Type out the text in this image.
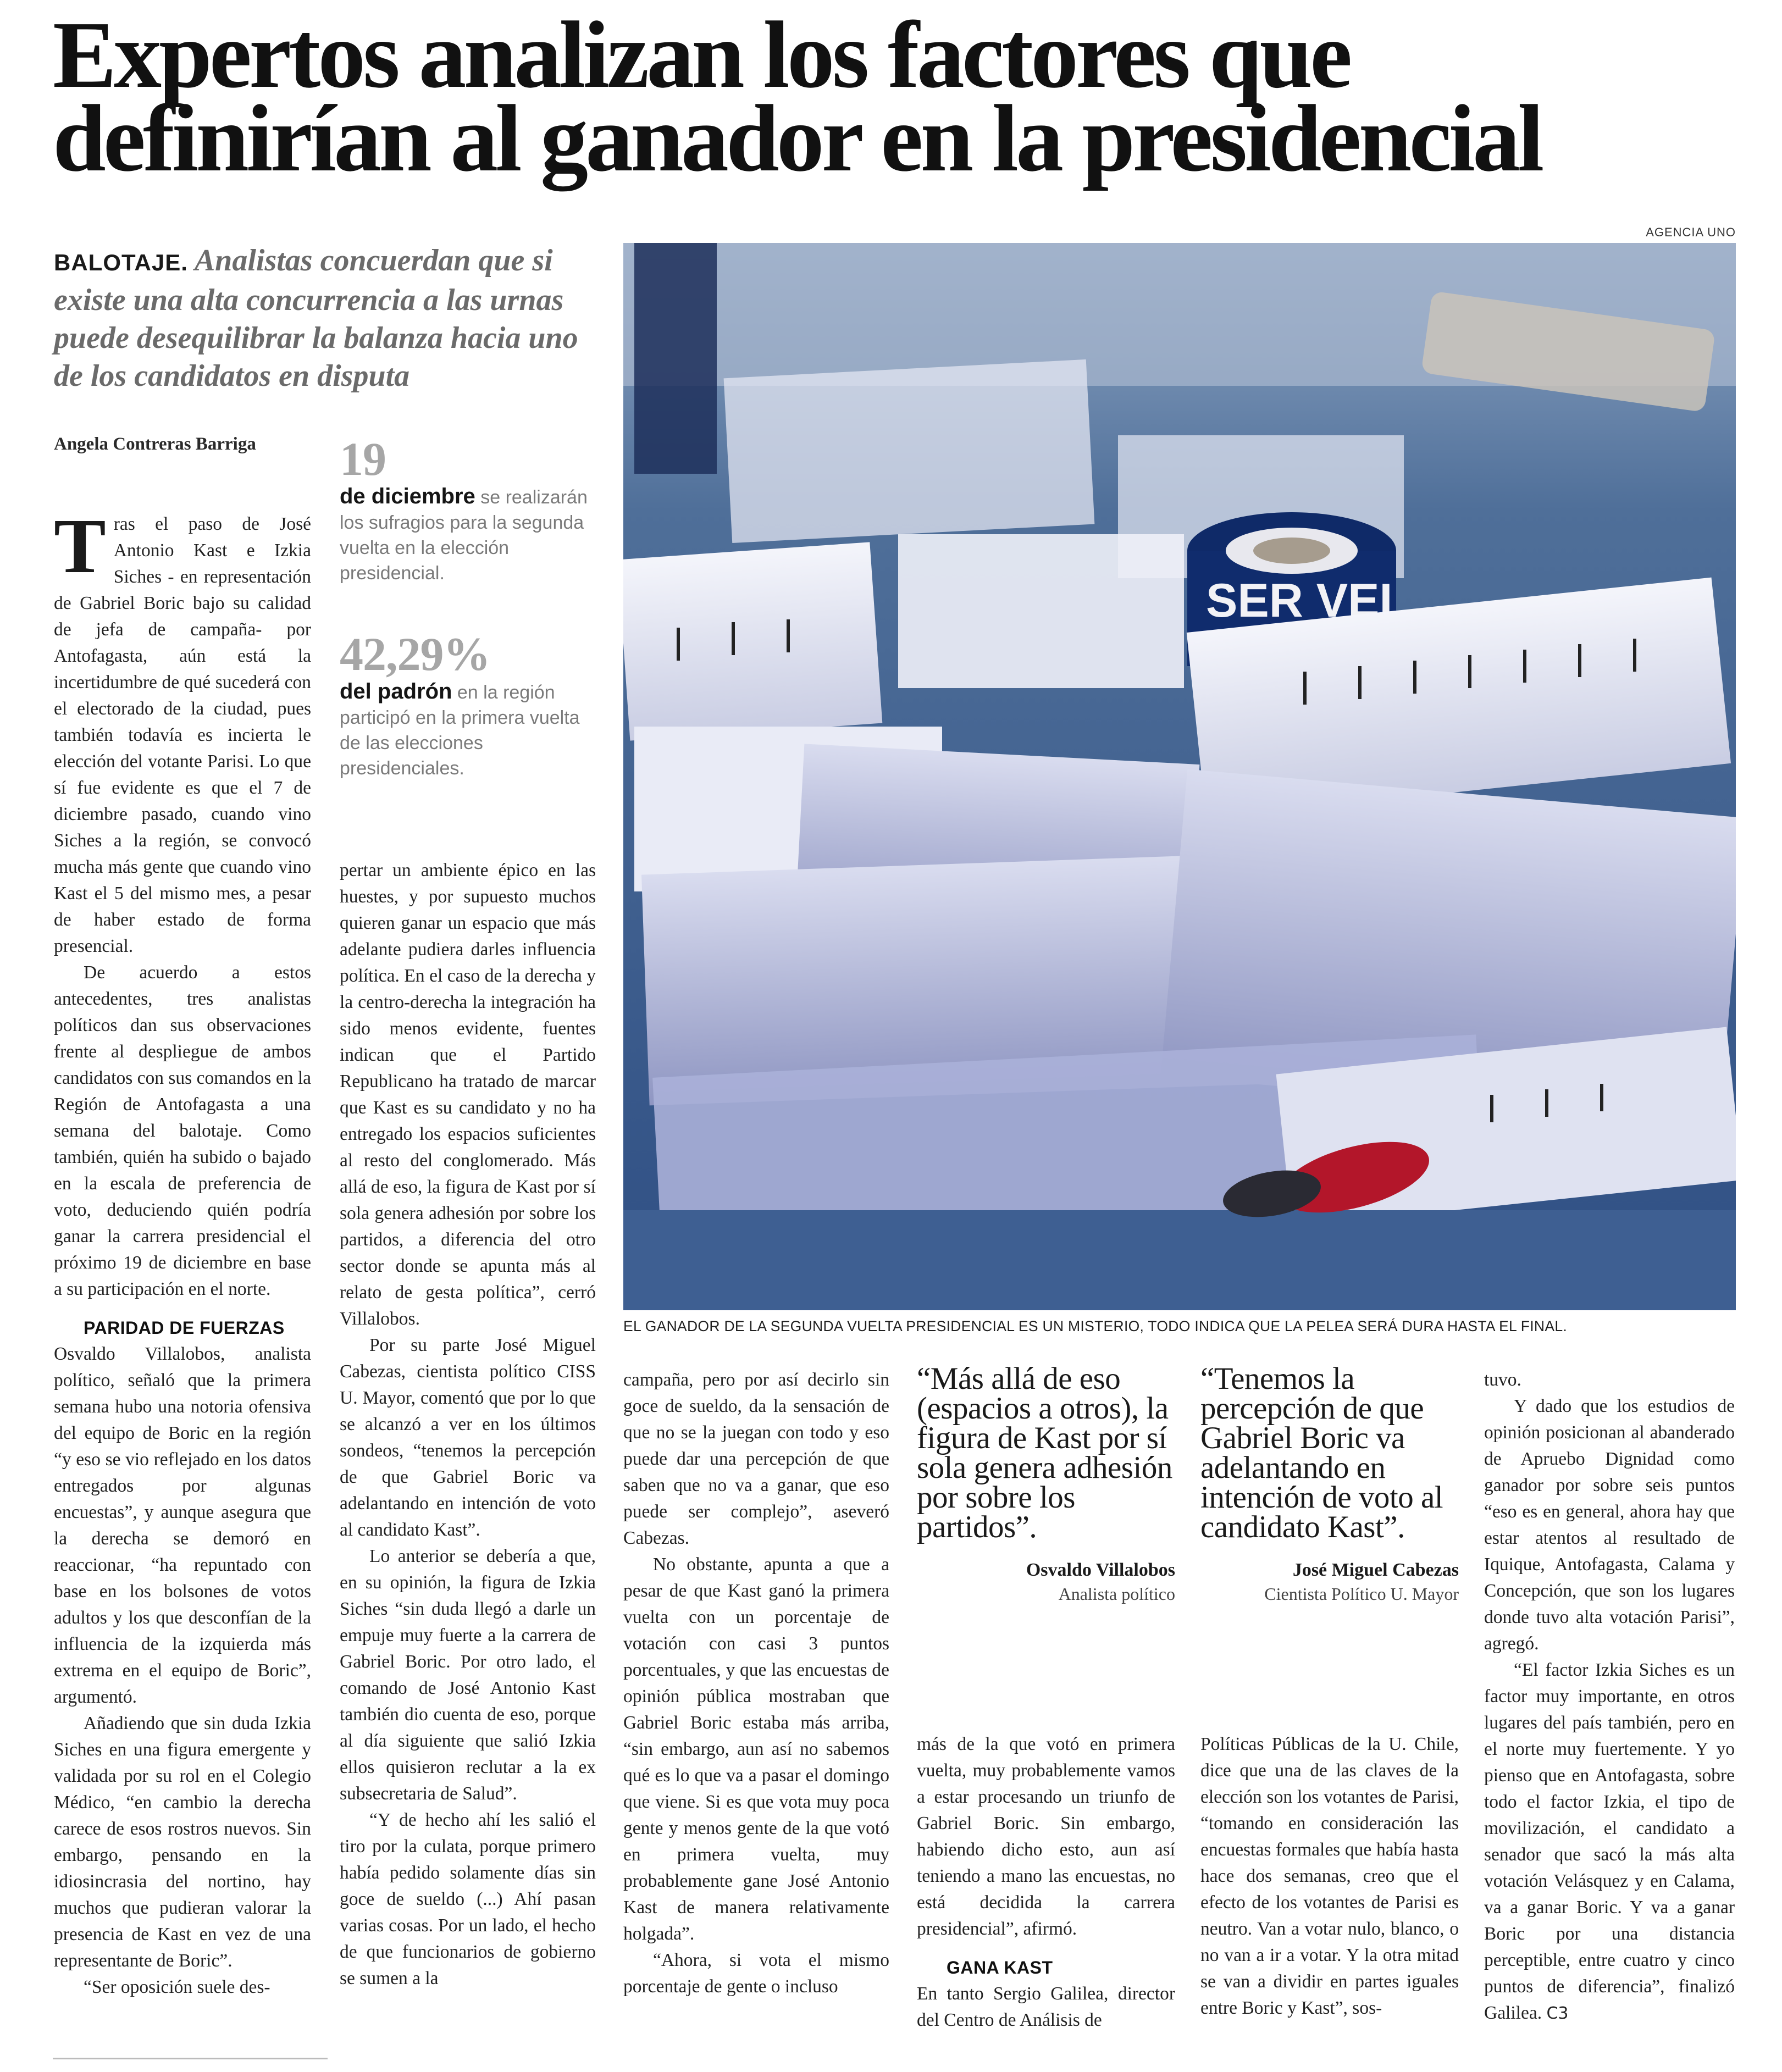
Expertos analizan los factores que
definirían al ganador en la presidencial
BALOTAJE. Analistas concuerdan que si existe una alta concurrencia a las urnas puede desequilibrar la balanza hacia uno de los candidatos en disputa
Angela Contreras Barriga	19
de diciembre se realizarán los sufragios para la segunda vuelta en la elección presidencial.
42,29%
del padrón en la región participó en la primera vuelta de las elecciones presidenciales.
AGENCIA UNO
SER VEL
EL GANADOR DE LA SEGUNDA VUELTA PRESIDENCIAL ES UN MISTERIO, TODO INDICA QUE LA PELEA SERÁ DURA HASTA EL FINAL.

Tras el paso de José Antonio Kast e Izkia Siches - en representación de Gabriel Boric bajo su calidad de jefa de campaña- por Antofagasta, aún está la incertidumbre de qué sucederá con el electorado de la ciudad, pues también todavía es incierta le elección del votante Parisi. Lo que sí fue evidente es que el 7 de diciembre pasado, cuando vino Siches a la región, se convocó mucha más gente que cuando vino Kast el 5 del mismo mes, a pesar de haber estado de forma presencial.

De acuerdo a estos antecedentes, tres analistas políticos dan sus observaciones frente al despliegue de ambos candidatos con sus comandos en la Región de Antofagasta a una semana del balotaje. Como también, quién ha subido o bajado en la escala de preferencia de voto, deduciendo quién podría ganar la carrera presidencial el próximo 19 de diciembre en base a su participación en el norte.

PARIDAD DE FUERZAS

Osvaldo Villalobos, analista político, señaló que la primera semana hubo una notoria ofensiva del equipo de Boric en la región “y eso se vio reflejado en los datos entregados por algunas encuestas”, y aunque asegura que la derecha se demoró en reaccionar, “ha repuntado con base en los bolsones de votos adultos y los que desconfían de la influencia de la izquierda más extrema en el equipo de Boric”, argumentó.

Añadiendo que sin duda Izkia Siches en una figura emergente y validada por su rol en el Colegio Médico, “en cambio la derecha carece de esos rostros nuevos. Sin embargo, pensando en la idiosincrasia del nortino, hay muchos que pudieran valorar la presencia de Kast en vez de una representante de Boric”.

“Ser oposición suele des-

pertar un ambiente épico en las huestes, y por supuesto muchos quieren ganar un espacio que más adelante pudiera darles influencia política. En el caso de la derecha y la centro-derecha la integración ha sido menos evidente, fuentes indican que el Partido Republicano ha tratado de marcar que Kast es su candidato y no ha entregado los espacios suficientes al resto del conglomerado. Más allá de eso, la figura de Kast por sí sola genera adhesión por sobre los partidos, a diferencia del otro sector donde se apunta más al relato de gesta política”, cerró Villalobos.

Por su parte José Miguel Cabezas, cientista político CISS U. Mayor, comentó que por lo que se alcanzó a ver en los últimos sondeos, “tenemos la percepción de que Gabriel Boric va adelantando en intención de voto al candidato Kast”.

Lo anterior se debería a que, en su opinión, la figura de Izkia Siches “sin duda llegó a darle un empuje muy fuerte a la carrera de Gabriel Boric. Por otro lado, el comando de José Antonio Kast también dio cuenta de eso, porque al día siguiente que salió Izkia ellos quisieron reclutar a la ex subsecretaria de Salud”.

“Y de hecho ahí les salió el tiro por la culata, porque primero había pedido solamente días sin goce de sueldo (...) Ahí pasan varias cosas. Por un lado, el hecho de que funcionarios de gobierno se sumen a la

campaña, pero por así decirlo sin goce de sueldo, da la sensación de que no se la juegan con todo y eso puede dar una percepción de que saben que no va a ganar, que eso puede ser complejo”, aseveró Cabezas.

No obstante, apunta a que a pesar de que Kast ganó la primera vuelta con un porcentaje de votación con casi 3 puntos porcentuales, y que las encuestas de opinión pública mostraban que Gabriel Boric estaba más arriba, “sin embargo, aun así no sabemos qué es lo que va a pasar el domingo que viene. Si es que vota muy poca gente y menos gente de la que votó en primera vuelta, muy probablemente gane José Antonio Kast de manera relativamente holgada”.

“Ahora, si vota el mismo porcentaje de gente o incluso

“Más allá de eso (espacios a otros), la figura de Kast por sí sola genera adhesión por sobre los partidos”.
Osvaldo Villalobos
Analista político

más de la que votó en primera vuelta, muy probablemente vamos a estar procesando un triunfo de Gabriel Boric. Sin embargo, habiendo dicho esto, aun así teniendo a mano las encuestas, no está decidida la carrera presidencial”, afirmó.

GANA KAST

En tanto Sergio Galilea, director del Centro de Análisis de

“Tenemos la percepción de que Gabriel Boric va adelantando en intención de voto al candidato Kast”.
José Miguel Cabezas
Cientista Político U. Mayor

Políticas Públicas de la U. Chile, dice que una de las claves de la elección son los votantes de Parisi, “tomando en consideración las encuestas formales que había hasta hace dos semanas, creo que el efecto de los votantes de Parisi es neutro. Van a votar nulo, blanco, o no van a ir a votar. Y la otra mitad se van a dividir en partes iguales entre Boric y Kast”, sos-

tuvo.

Y dado que los estudios de opinión posicionan al abanderado de Apruebo Dignidad como ganador por sobre seis puntos “eso es en general, ahora hay que estar atentos al resultado de Iquique, Antofagasta, Calama y Concepción, que son los lugares donde tuvo alta votación Parisi”, agregó.

“El factor Izkia Siches es un factor muy importante, en otros lugares del país también, pero en el norte muy fuertemente. Y yo pienso que en Antofagasta, sobre todo el factor Izkia, el tipo de movilización, el candidato a senador que sacó la más alta votación Velásquez y en Calama, va a ganar Boric. Y va a ganar Boric por una distancia perceptible, entre cuatro y cinco puntos de diferencia”, finalizó Galilea. C3
